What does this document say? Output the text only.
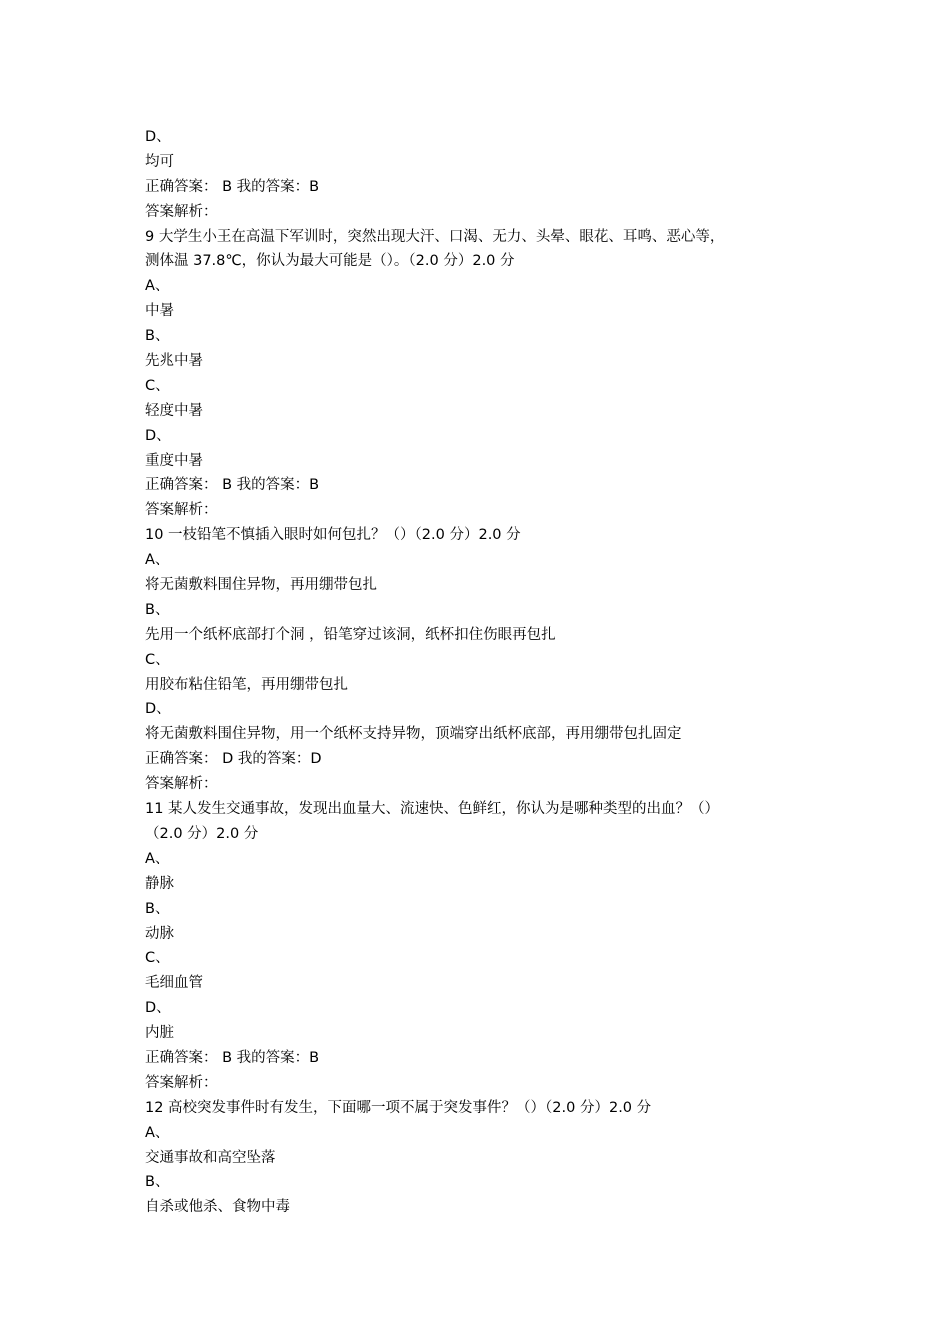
D、
均可
正确答案： B 我的答案：B
答案解析：
9 大学生小王在高温下军训时，突然出现大汗、口渴、无力、头晕、眼花、耳鸣、恶心等，
测体温 37.8℃，你认为最大可能是（）。（2.0 分）2.0 分
A、
中暑
B、
先兆中暑
C、
轻度中暑
D、
重度中暑
正确答案： B 我的答案：B
答案解析：
10 一枝铅笔不慎插入眼时如何包扎？（）（2.0 分）2.0 分
A、
将无菌敷料围住异物，再用绷带包扎
B、
先用一个纸杯底部打个洞 ，铅笔穿过该洞，纸杯扣住伤眼再包扎
C、
用胶布粘住铅笔，再用绷带包扎
D、
将无菌敷料围住异物，用一个纸杯支持异物，顶端穿出纸杯底部，再用绷带包扎固定
正确答案： D 我的答案：D
答案解析：
11 某人发生交通事故，发现出血量大、流速快、色鲜红，你认为是哪种类型的出血？（）
（2.0 分）2.0 分
A、
静脉
B、
动脉
C、
毛细血管
D、
内脏
正确答案： B 我的答案：B
答案解析：
12 高校突发事件时有发生，下面哪一项不属于突发事件？（）（2.0 分）2.0 分
A、
交通事故和高空坠落
B、
自杀或他杀、食物中毒
